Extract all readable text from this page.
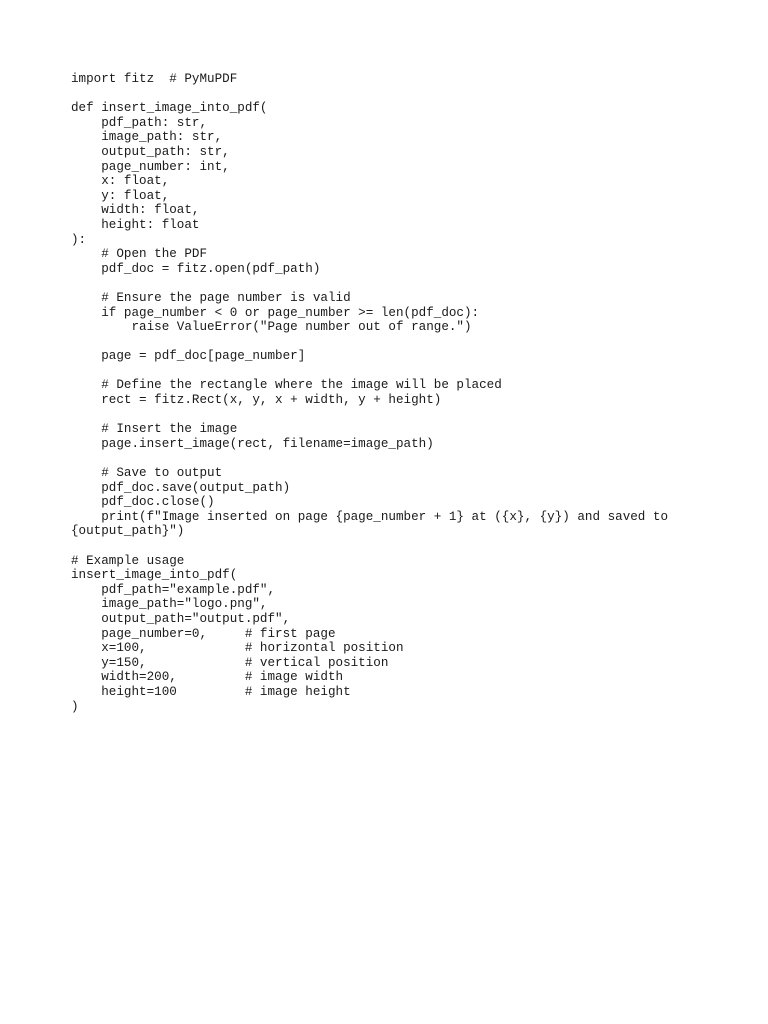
import fitz  # PyMuPDF
def insert_image_into_pdf(
pdf_path: str,
image_path: str,
output_path: str,
page_number: int,
x: float,
y: float,
width: float,
height: float
):
# Open the PDF
pdf_doc = fitz.open(pdf_path)
# Ensure the page number is valid
if page_number < 0 or page_number >= len(pdf_doc):
raise ValueError("Page number out of range.")
page = pdf_doc[page_number]
# Define the rectangle where the image will be placed
rect = fitz.Rect(x, y, x + width, y + height)
# Insert the image
page.insert_image(rect, filename=image_path)
# Save to output
pdf_doc.save(output_path)
pdf_doc.close()
print(f"Image inserted on page {page_number + 1} at ({x}, {y}) and saved to
{output_path}")
# Example usage
insert_image_into_pdf(
pdf_path="example.pdf",
image_path="logo.png",
output_path="output.pdf",
page_number=0,     # first page
x=100,             # horizontal position
y=150,             # vertical position
width=200,         # image width
height=100         # image height
)
